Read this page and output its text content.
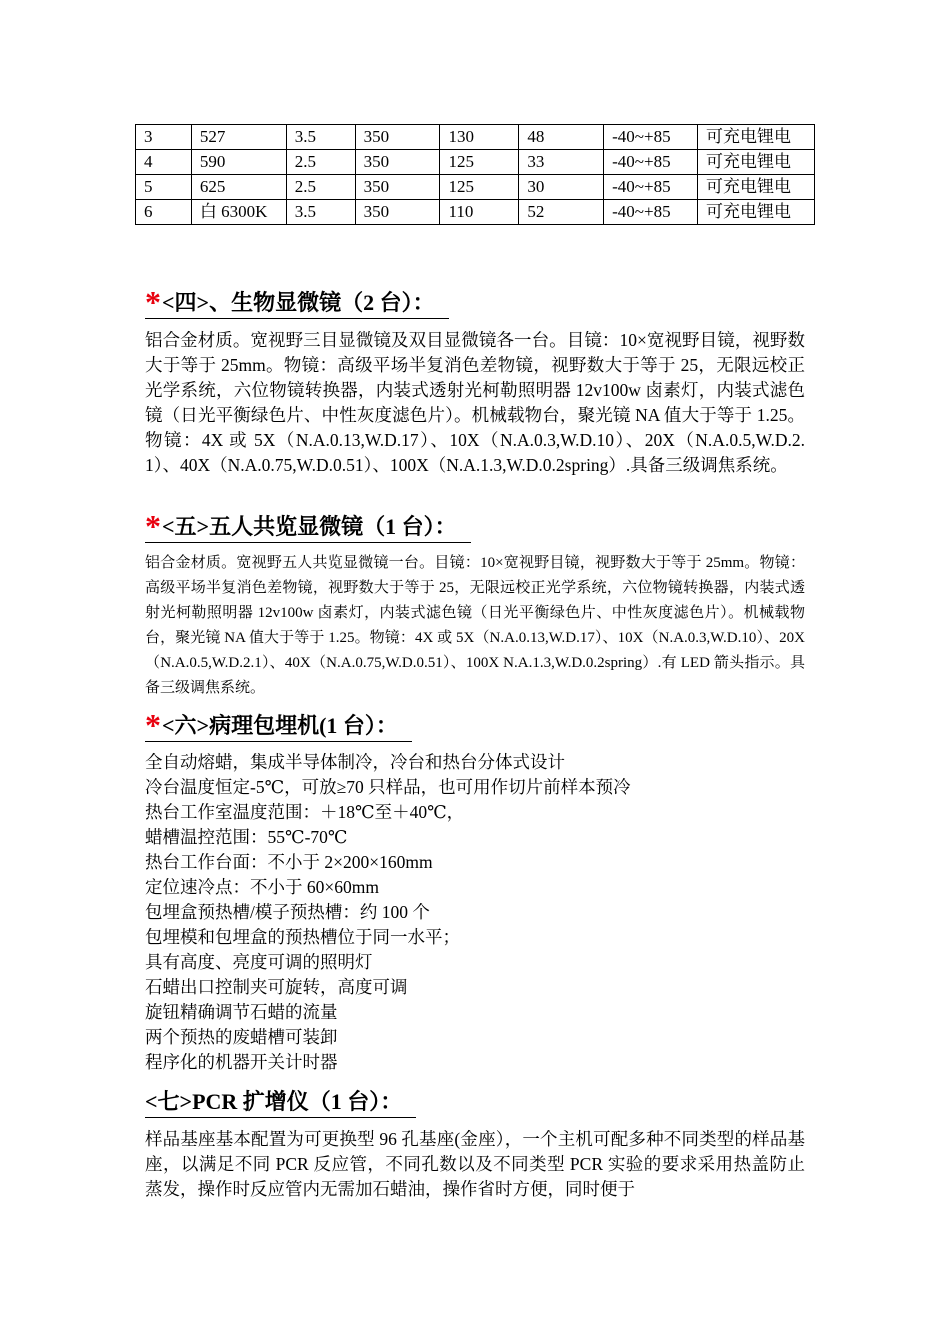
3	527	3.5	350	130	48	-40~+85	可充电锂电
4	590	2.5	350	125	33	-40~+85	可充电锂电
5	625	2.5	350	125	30	-40~+85	可充电锂电
6	白 6300K	3.5	350	110	52	-40~+85	可充电锂电
*<四>、生物显微镜（2 台）：
铝合金材质。宽视野三目显微镜及双目显微镜各一台。目镜：10×宽视野目镜，视野数大于等于 25mm。物镜：高级平场半复消色差物镜，视野数大于等于 25，无限远校正光学系统，六位物镜转换器，内装式透射光柯勒照明器 12v100w 卤素灯，内装式滤色镜（日光平衡绿色片、中性灰度滤色片）。机械载物台，聚光镜 NA 值大于等于 1.25。物镜：4X 或 5X（N.A.0.13,W.D.17）、10X（N.A.0.3,W.D.10）、20X（N.A.0.5,W.D.2.1）、40X（N.A.0.75,W.D.0.51）、100X（N.A.1.3,W.D.0.2spring）.具备三级调焦系统。
*<五>五人共览显微镜（1 台）：
铝合金材质。宽视野五人共览显微镜一台。目镜：10×宽视野目镜，视野数大于等于 25mm。物镜：高级平场半复消色差物镜，视野数大于等于 25，无限远校正光学系统，六位物镜转换器，内装式透射光柯勒照明器 12v100w 卤素灯，内装式滤色镜（日光平衡绿色片、中性灰度滤色片）。机械载物台，聚光镜 NA 值大于等于 1.25。物镜：4X 或 5X（N.A.0.13,W.D.17）、10X（N.A.0.3,W.D.10）、20X（N.A.0.5,W.D.2.1）、40X（N.A.0.75,W.D.0.51）、100X N.A.1.3,W.D.0.2spring）.有 LED 箭头指示。具备三级调焦系统。
*<六>病理包埋机(1 台）：
全自动熔蜡，集成半导体制冷，冷台和热台分体式设计
冷台温度恒定-5℃，可放≥70 只样品，也可用作切片前样本预冷
热台工作室温度范围：＋18℃至＋40℃，
蜡槽温控范围：55℃-70℃
热台工作台面：不小于 2×200×160mm
定位速冷点：不小于 60×60mm
包埋盒预热槽/模子预热槽：约 100 个
包埋模和包埋盒的预热槽位于同一水平；
具有高度、亮度可调的照明灯
石蜡出口控制夹可旋转，高度可调
旋钮精确调节石蜡的流量
两个预热的废蜡槽可装卸
程序化的机器开关计时器
<七>PCR 扩增仪（1 台）：
样品基座基本配置为可更换型 96 孔基座(金座），一个主机可配多种不同类型的样品基座，以满足不同 PCR 反应管，不同孔数以及不同类型 PCR 实验的要求采用热盖防止蒸发，操作时反应管内无需加石蜡油，操作省时方便，同时便于
